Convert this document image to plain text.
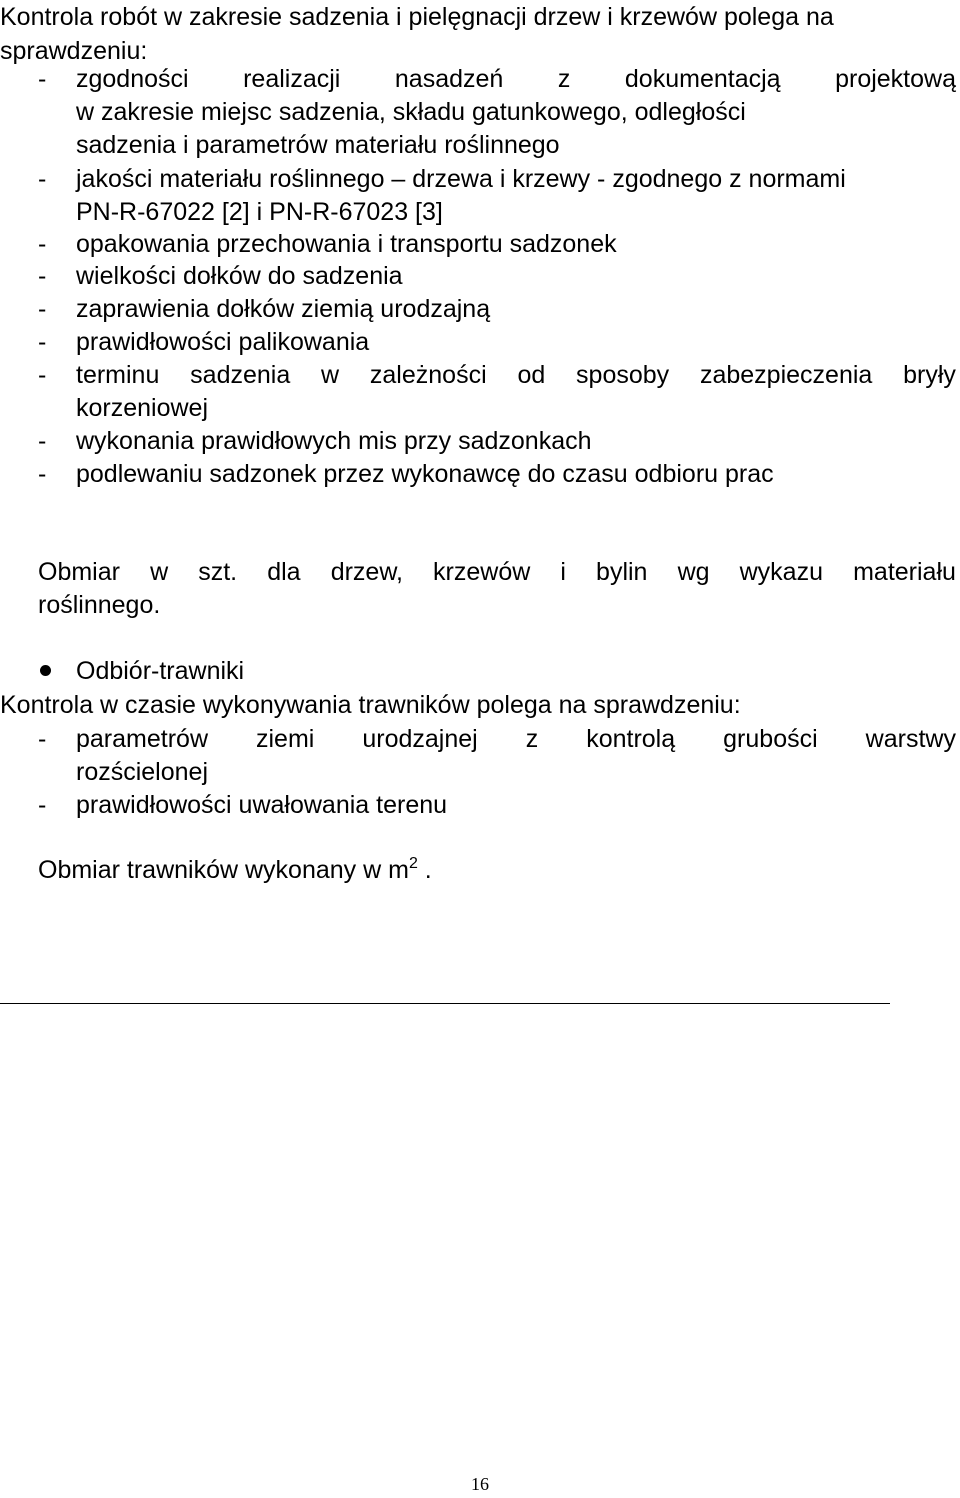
Kontrola robót w zakresie sadzenia i pielęgnacji drzew i krzewów polega na
sprawdzeniu:
- zgodności realizacji nasadzeń z dokumentacją projektową
w zakresie miejsc sadzenia, składu gatunkowego, odległości
sadzenia i parametrów materiału roślinnego
- jakości materiału roślinnego – drzewa i krzewy - zgodnego z normami
PN-R-67022 [2] i PN-R-67023 [3]
- opakowania przechowania i transportu sadzonek
- wielkości dołków do sadzenia
- zaprawienia dołków ziemią urodzajną
- prawidłowości palikowania
- terminu sadzenia w zależności od sposoby zabezpieczenia bryły
korzeniowej
- wykonania prawidłowych mis przy sadzonkach
- podlewaniu sadzonek przez wykonawcę do czasu odbioru prac
Obmiar w szt. dla drzew, krzewów i bylin wg wykazu materiału
roślinnego.
Odbiór-trawniki
Kontrola w czasie wykonywania trawników polega na sprawdzeniu:
- parametrów ziemi urodzajnej z kontrolą grubości warstwy
rozścielonej
- prawidłowości uwałowania terenu
Obmiar trawników wykonany w $m^2$ .
16
